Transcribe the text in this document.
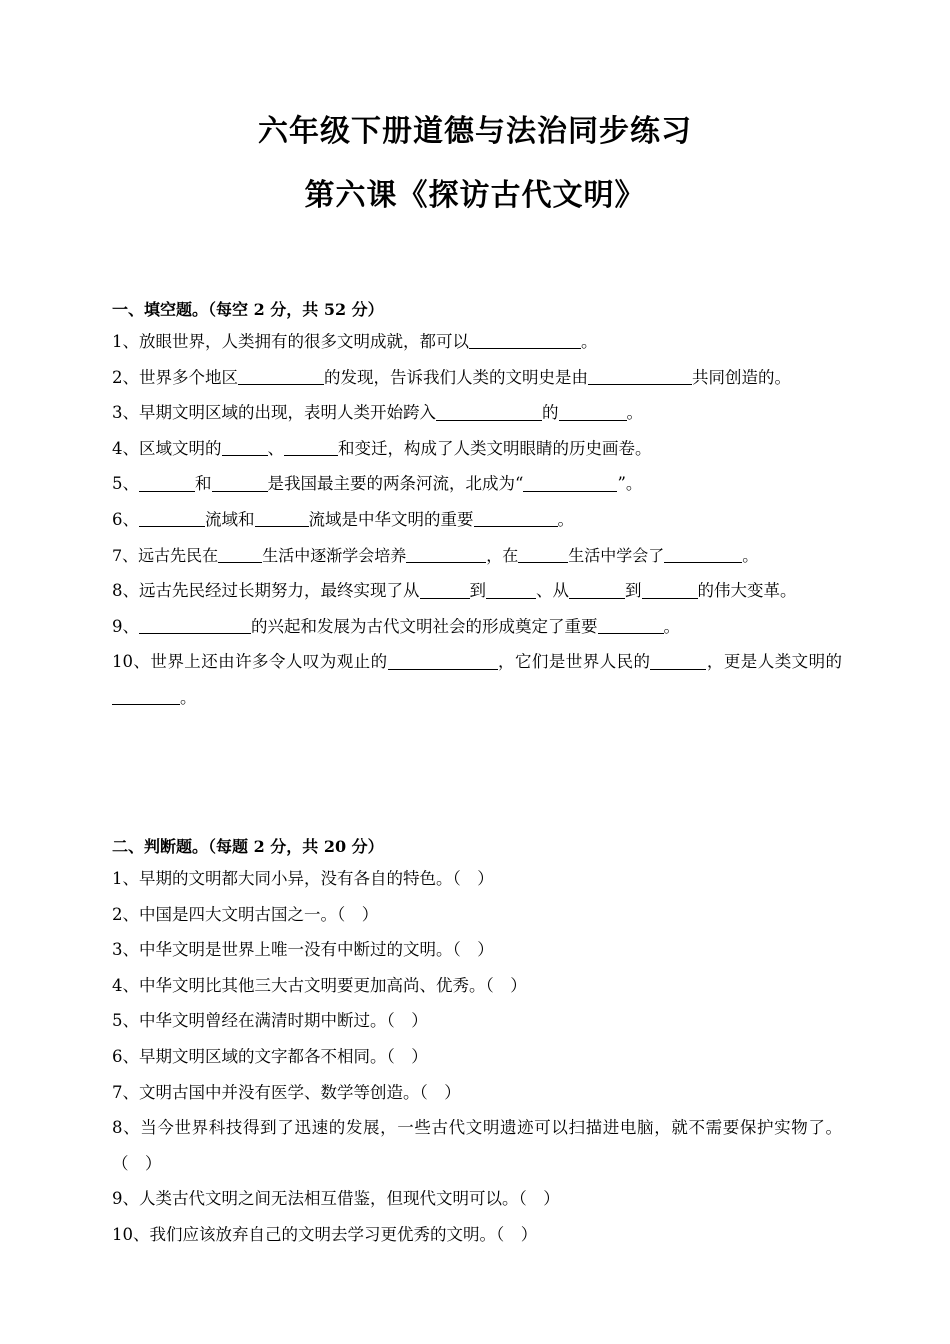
六年级下册道德与法治同步练习
第六课《探访古代文明》
一、填空题。（每空 2 分，共 52 分）
1、放眼世界，人类拥有的很多文明成就，都可以	。
2、世界多个地区	的发现，告诉我们人类的文明史是由	共同创造的。
3、早期文明区域的出现，表明人类开始跨入	的	。
4、区域文明的	、	和变迁，构成了人类文明眼睛的历史画卷。
5、	和	是我国最主要的两条河流，北成为“	”。
6、	流域和	流域是中华文明的重要	。
7、远古先民在	生活中逐渐学会培养	，在	生活中学会了	。
8、远古先民经过长期努力，最终实现了从	到	、从	到	的伟大变革。
9、	的兴起和发展为古代文明社会的形成奠定了重要	。
10、世界上还由许多令人叹为观止的	，它们是世界人民的	，更是人类文明的。
二、判断题。（每题 2 分，共 20 分）
1、早期的文明都大同小异，没有各自的特色。（　）
2、中国是四大文明古国之一。（　）
3、中华文明是世界上唯一没有中断过的文明。（　）
4、中华文明比其他三大古文明要更加高尚、优秀。（　）
5、中华文明曾经在满清时期中断过。（　）
6、早期文明区域的文字都各不相同。（　）
7、文明古国中并没有医学、数学等创造。（　）
8、当今世界科技得到了迅速的发展，一些古代文明遗迹可以扫描进电脑，就不需要保护实物了。（　）
9、人类古代文明之间无法相互借鉴，但现代文明可以。（　）
10、我们应该放弃自己的文明去学习更优秀的文明。（　）
